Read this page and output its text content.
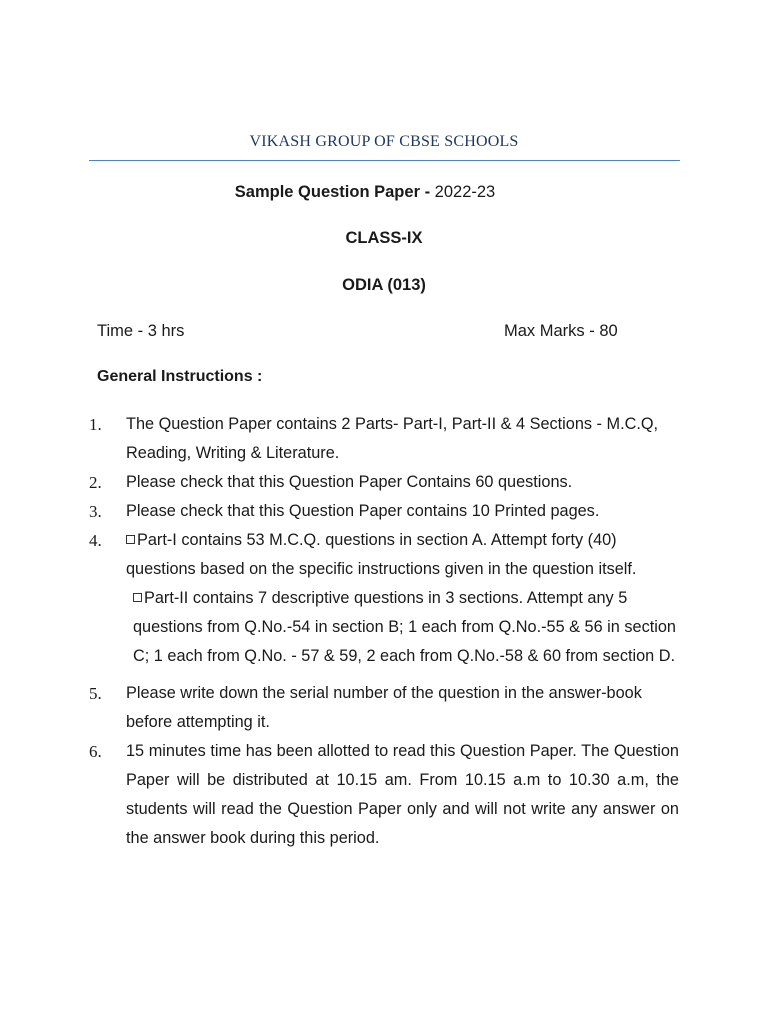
VIKASH GROUP OF CBSE SCHOOLS
Sample Question Paper - 2022-23
CLASS-IX
ODIA (013)
Time - 3 hrs	Max Marks - 80
General Instructions :
1. The Question Paper contains 2 Parts- Part-I, Part-II & 4 Sections - M.C.Q, Reading, Writing & Literature.
2. Please check that this Question Paper Contains 60 questions.
3. Please check that this Question Paper contains 10 Printed pages.
4.	Part-I contains 53 M.C.Q. questions in section A. Attempt forty (40) questions based on the specific instructions given in the question itself.
Part-II contains 7 descriptive questions in 3 sections. Attempt any 5 questions from Q.No.-54 in section B; 1 each from Q.No.-55 & 56 in section C; 1 each from Q.No. - 57 & 59, 2 each from Q.No.-58 & 60 from section D.
5. Please write down the serial number of the question in the answer-book before attempting it.
6. 15 minutes time has been allotted to read this Question Paper. The Question Paper will be distributed at 10.15 am. From 10.15 a.m to 10.30 a.m, the students will read the Question Paper only and will not write any answer on the answer book during this period.
